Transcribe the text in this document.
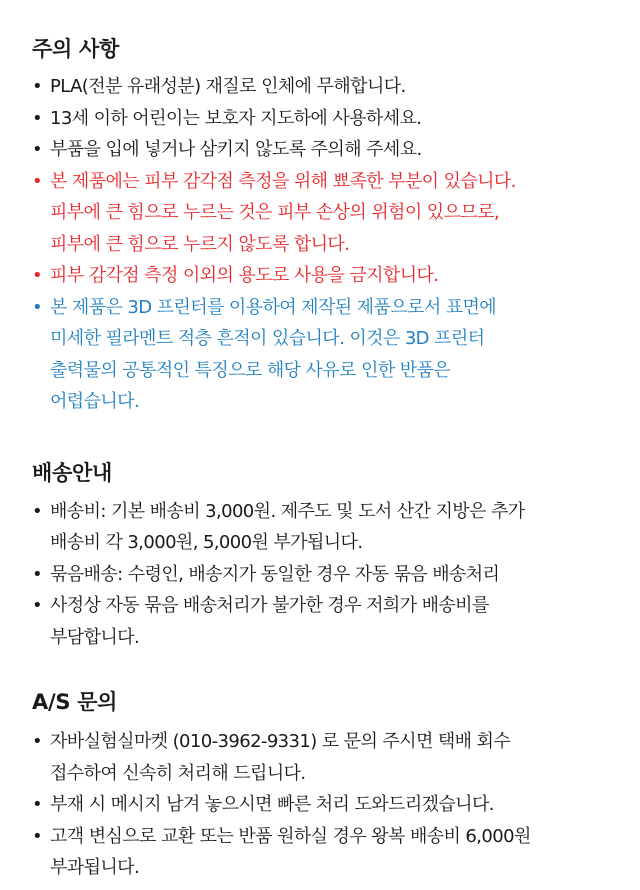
주의 사항
• PLA(전분 유래성분) 재질로 인체에 무해합니다.
• 13세 이하 어린이는 보호자 지도하에 사용하세요.
• 부품을 입에 넣거나 삼키지 않도록 주의해 주세요.
• 본 제품에는 피부 감각점 측정을 위해 뾰족한 부분이 있습니다.
피부에 큰 힘으로 누르는 것은 피부 손상의 위험이 있으므로,
피부에 큰 힘으로 누르지 않도록 합니다.
• 피부 감각점 측정 이외의 용도로 사용을 금지합니다.
• 본 제품은 3D 프린터를 이용하여 제작된 제품으로서 표면에
미세한 필라멘트 적층 흔적이 있습니다. 이것은 3D 프린터
출력물의 공통적인 특징으로 해당 사유로 인한 반품은
어렵습니다.
배송안내
• 배송비: 기본 배송비 3,000원. 제주도 및 도서 산간 지방은 추가
배송비 각 3,000원, 5,000원 부가됩니다.
• 묶음배송: 수령인, 배송지가 동일한 경우 자동 묶음 배송처리
• 사정상 자동 묶음 배송처리가 불가한 경우 저희가 배송비를
부담합니다.
A/S 문의
• 자바실험실마켓 (010-3962-9331) 로 문의 주시면 택배 회수
접수하여 신속히 처리해 드립니다.
• 부재 시 메시지 남겨 놓으시면 빠른 처리 도와드리겠습니다.
• 고객 변심으로 교환 또는 반품 원하실 경우 왕복 배송비 6,000원
부과됩니다.
